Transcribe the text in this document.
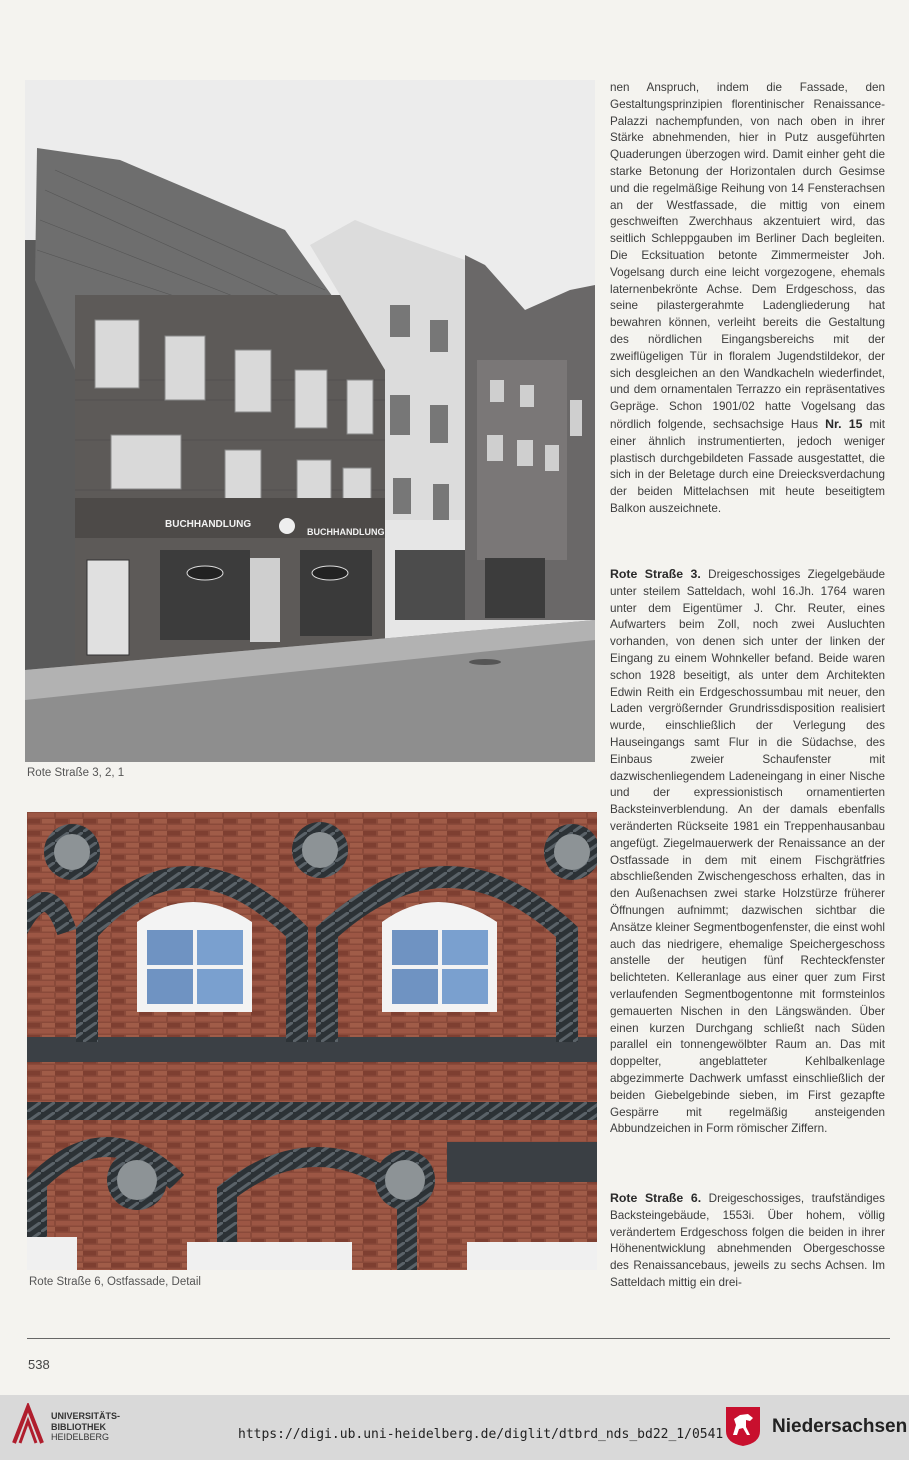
BUCHHANDLUNG
BUCHHANDLUNG
Rote Straße 3, 2, 1
Rote Straße 6, Ostfassade, Detail

nen Anspruch, indem die Fassade, den Gestaltungsprinzipien florentinischer Renaissance-Palazzi nachempfunden, von nach oben in ihrer Stärke abnehmenden, hier in Putz ausgeführten Quaderungen überzogen wird. Damit einher geht die starke Betonung der Horizontalen durch Gesimse und die regelmäßige Reihung von 14 Fensterachsen an der Westfassade, die mittig von einem geschweiften Zwerchhaus akzentuiert wird, das seitlich Schleppgauben im Berliner Dach begleiten. Die Ecksituation betonte Zimmermeister Joh. Vogelsang durch eine leicht vorgezogene, ehemals laternenbekrönte Achse. Dem Erdgeschoss, das seine pilastergerahmte Ladengliederung hat bewahren können, verleiht bereits die Gestaltung des nördlichen Eingangsbereichs mit der zweiflügeligen Tür in floralem Jugendstildekor, der sich desgleichen an den Wandkacheln wiederfindet, und dem ornamentalen Terrazzo ein repräsentatives Gepräge. Schon 1901/02 hatte Vogelsang das nördlich folgende, sechsachsige Haus Nr. 15 mit einer ähnlich instrumentierten, jedoch weniger plastisch durchgebildeten Fassade ausgestattet, die sich in der Beletage durch eine Dreiecksverdachung der beiden Mittelachsen mit heute beseitigtem Balkon auszeichnete.

Rote Straße 3. Dreigeschossiges Ziegelgebäude unter steilem Satteldach, wohl 16.Jh. 1764 waren unter dem Eigentümer J. Chr. Reuter, eines Aufwarters beim Zoll, noch zwei Ausluchten vorhanden, von denen sich unter der linken der Eingang zu einem Wohnkeller befand. Beide waren schon 1928 beseitigt, als unter dem Architekten Edwin Reith ein Erdgeschossumbau mit neuer, den Laden vergrößernder Grundrissdisposition realisiert wurde, einschließlich der Verlegung des Hauseingangs samt Flur in die Südachse, des Einbaus zweier Schaufenster mit dazwischenliegendem Ladeneingang in einer Nische und der expressionistisch ornamentierten Backsteinverblendung. An der damals ebenfalls veränderten Rückseite 1981 ein Treppenhausanbau angefügt. Ziegelmauerwerk der Renaissance an der Ostfassade in dem mit einem Fischgrätfries abschließenden Zwischengeschoss erhalten, das in den Außenachsen zwei starke Holzstürze früherer Öffnungen aufnimmt; dazwischen sichtbar die Ansätze kleiner Segmentbogenfenster, die einst wohl auch das niedrigere, ehemalige Speichergeschoss anstelle der heutigen fünf Rechteckfenster belichteten. Kelleranlage aus einer quer zum First verlaufenden Segmentbogentonne mit formsteinlos gemauerten Nischen in den Längswänden. Über einen kurzen Durchgang schließt nach Süden parallel ein tonnengewölbter Raum an. Das mit doppelter, angeblatteter Kehlbalkenlage abgezimmerte Dachwerk umfasst einschließlich der beiden Giebelgebinde sieben, im First gezapfte Gespärre mit regelmäßig ansteigenden Abbundzeichen in Form römischer Ziffern.

Rote Straße 6. Dreigeschossiges, traufständiges Backsteingebäude, 1553i. Über hohem, völlig verändertem Erdgeschoss folgen die beiden in ihrer Höhenentwicklung abnehmenden Obergeschosse des Renaissancebaus, jeweils zu sechs Achsen. Im Satteldach mittig ein drei-

538
UNIVERSITÄTS-
BIBLIOTHEK
HEIDELBERG	https://digi.ub.uni-heidelberg.de/diglit/dtbrd_nds_bd22_1/0541	Niedersachsen
